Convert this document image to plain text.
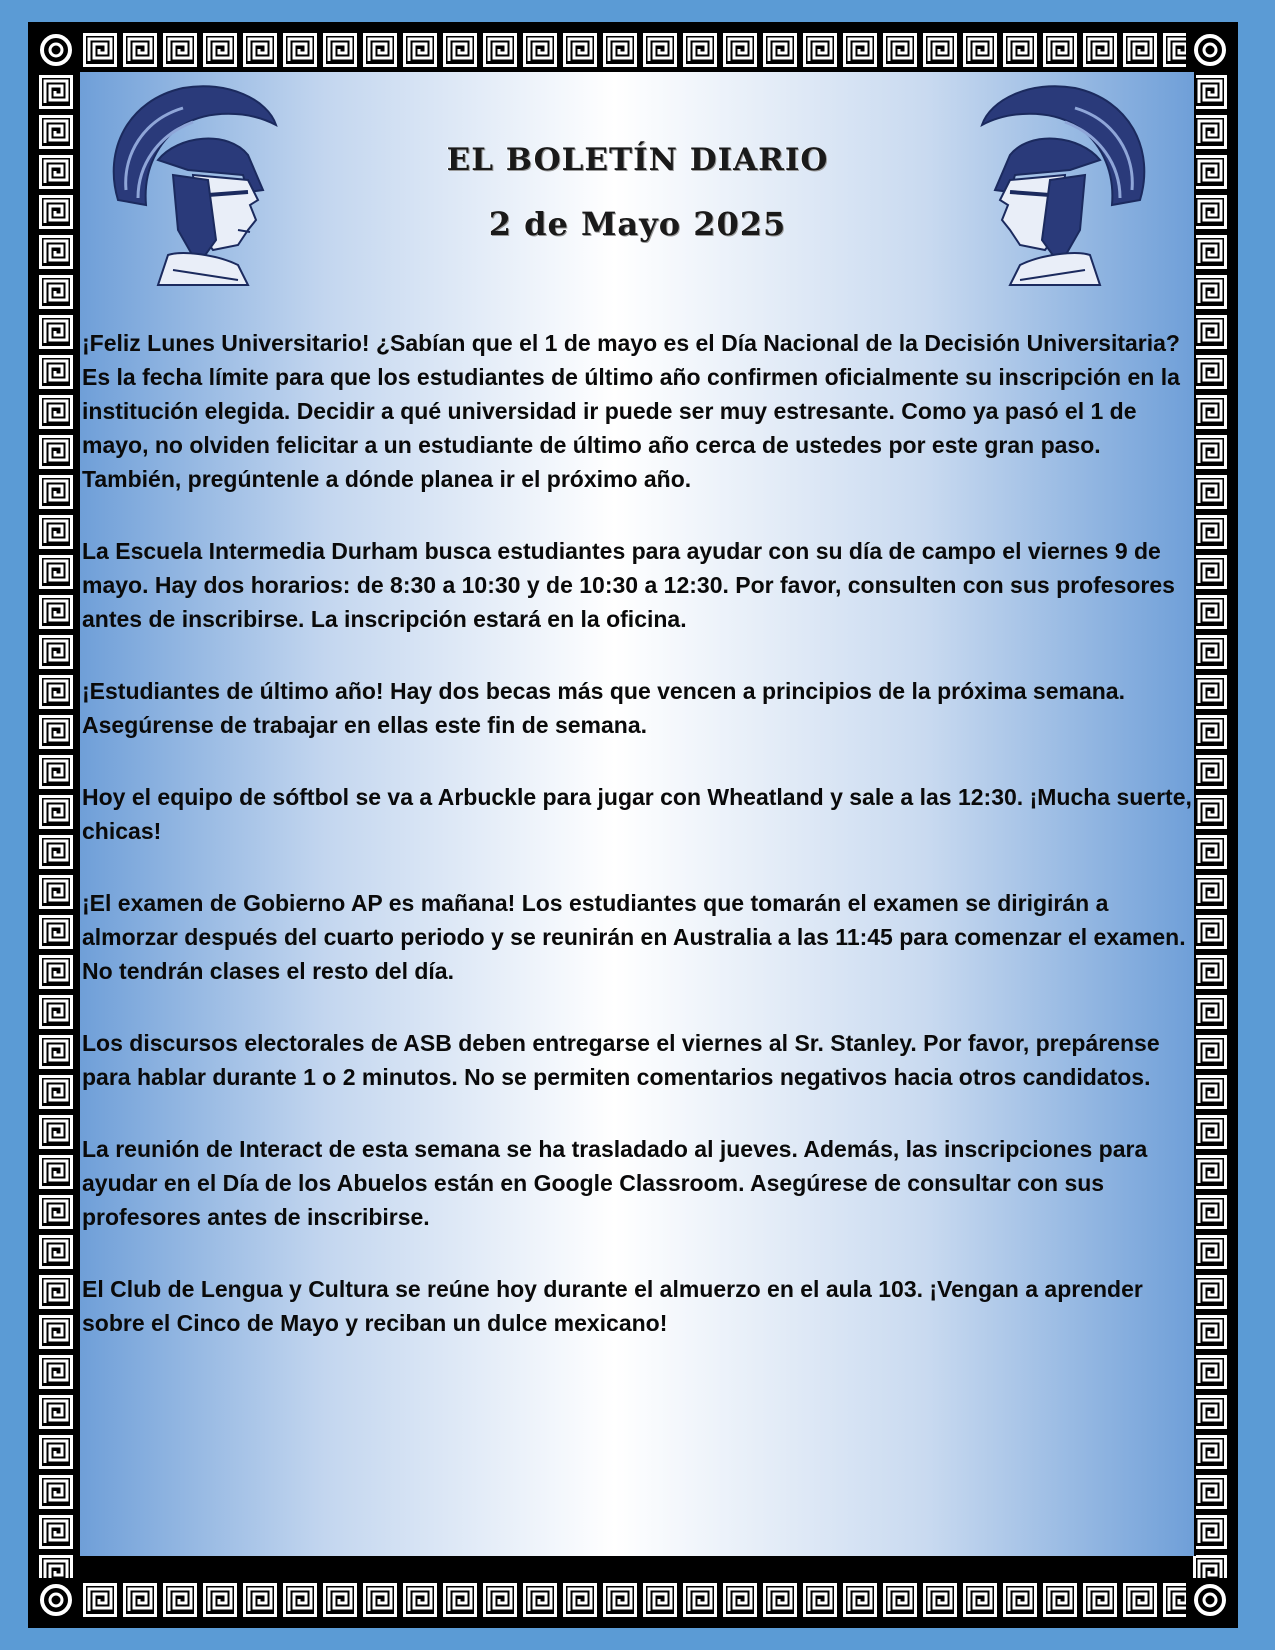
EL BOLETÍN DIARIO
2 de Mayo 2025

¡Feliz Lunes Universitario! ¿Sabían que el 1 de mayo es el Día Nacional de la Decisión Universitaria? Es la fecha límite para que los estudiantes de último año confirmen oficialmente su inscripción en la institución elegida. Decidir a qué universidad ir puede ser muy estresante. Como ya pasó el 1 de mayo, no olviden felicitar a un estudiante de último año cerca de ustedes por este gran paso. También, pregúntenle a dónde planea ir el próximo año.

La Escuela Intermedia Durham busca estudiantes para ayudar con su día de campo el viernes 9 de mayo. Hay dos horarios: de 8:30 a 10:30 y de 10:30 a 12:30. Por favor, consulten con sus profesores antes de inscribirse. La inscripción estará en la oficina.

¡Estudiantes de último año! Hay dos becas más que vencen a principios de la próxima semana. Asegúrense de trabajar en ellas este fin de semana.

Hoy el equipo de sóftbol se va a Arbuckle para jugar con Wheatland y sale a las 12:30. ¡Mucha suerte, chicas!

¡El examen de Gobierno AP es mañana! Los estudiantes que tomarán el examen se dirigirán a almorzar después del cuarto periodo y se reunirán en Australia a las 11:45 para comenzar el examen. No tendrán clases el resto del día.

Los discursos electorales de ASB deben entregarse el viernes al Sr. Stanley. Por favor, prepárense para hablar durante 1 o 2 minutos. No se permiten comentarios negativos hacia otros candidatos.

La reunión de Interact de esta semana se ha trasladado al jueves. Además, las inscripciones para ayudar en el Día de los Abuelos están en Google Classroom. Asegúrese de consultar con sus profesores antes de inscribirse.

El Club de Lengua y Cultura se reúne hoy durante el almuerzo en el aula 103. ¡Vengan a aprender sobre el Cinco de Mayo y reciban un dulce mexicano!
